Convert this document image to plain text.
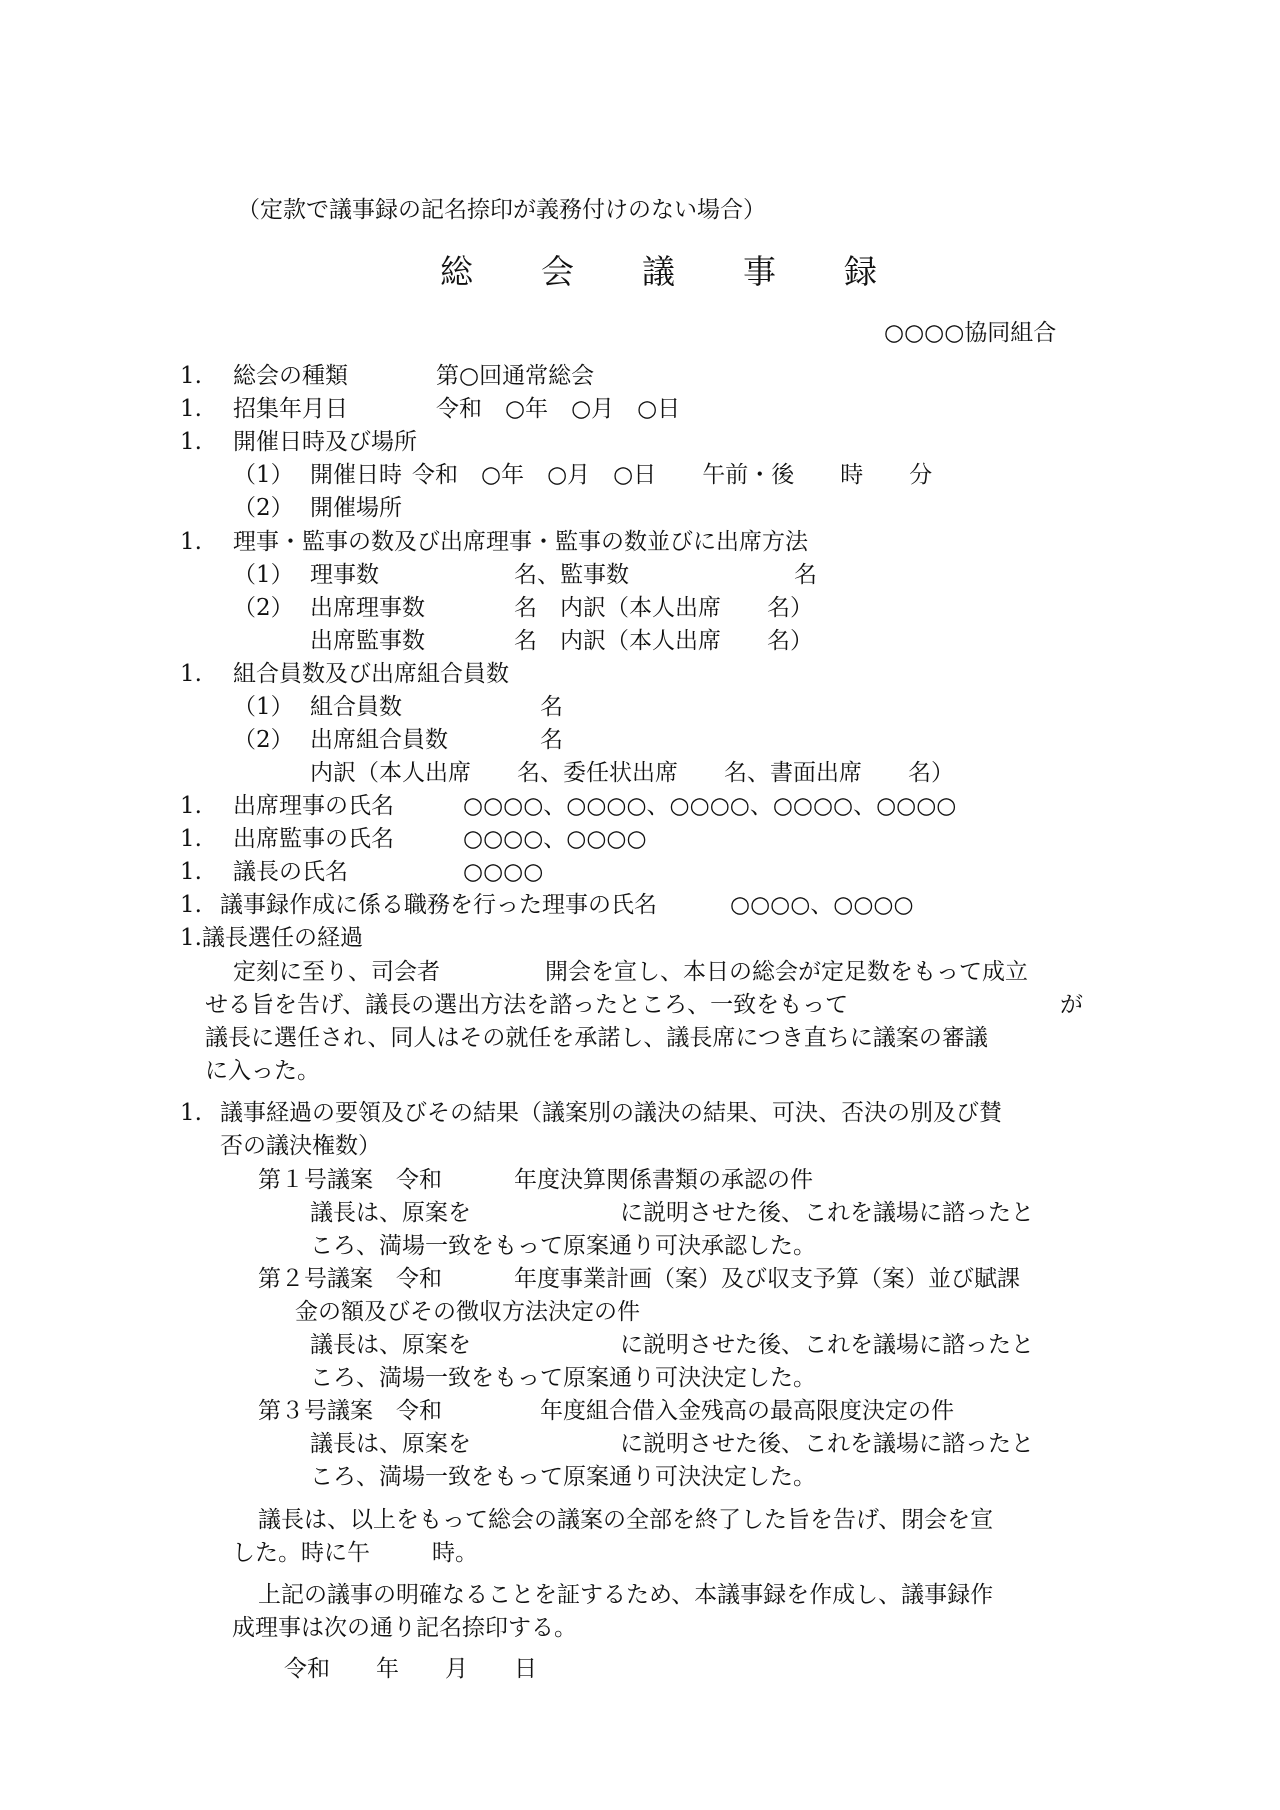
（定款で議事録の記名捺印が義務付けのない場合）
総 会 議 事 録
○○○○協同組合
1. 総会の種類	第○回通常総会
1. 招集年月日	令和　○年　○月　○日
1. 開催日時及び場所
（1） 開催日時 令和　○年　○月　○日　　午前・後　　時　　分
（2） 開催場所
1. 理事・監事の数及び出席理事・監事の数並びに出席方法
（1） 理事数	名、監事数	名
（2） 出席理事数	名　内訳（本人出席　　名）
出席監事数	名　内訳（本人出席　　名）
1. 組合員数及び出席組合員数
（1） 組合員数	名
（2） 出席組合員数	名
内訳（本人出席　　名、委任状出席　　名、書面出席　　名）
1. 出席理事の氏名	○○○○、○○○○、○○○○、○○○○、○○○○
1. 出席監事の氏名	○○○○、○○○○
1. 議長の氏名	○○○○
1. 議事録作成に係る職務を行った理事の氏名	○○○○、○○○○
1.議長選任の経過
定刻に至り、司会者	開会を宣し、本日の総会が定足数をもって成立
せる旨を告げ、議長の選出方法を諮ったところ、一致をもって	が
議長に選任され、同人はその就任を承諾し、議長席につき直ちに議案の審議
に入った。
1. 議事経過の要領及びその結果（議案別の議決の結果、可決、否決の別及び賛
否の議決権数）
第１号議案　令和	年度決算関係書類の承認の件
議長は、原案を	に説明させた後、これを議場に諮ったと
ころ、満場一致をもって原案通り可決承認した。
第２号議案　令和	年度事業計画（案）及び収支予算（案）並び賦課
金の額及びその徴収方法決定の件
議長は、原案を	に説明させた後、これを議場に諮ったと
ころ、満場一致をもって原案通り可決決定した。
第３号議案　令和	年度組合借入金残高の最高限度決定の件
議長は、原案を	に説明させた後、これを議場に諮ったと
ころ、満場一致をもって原案通り可決決定した。
議長は、以上をもって総会の議案の全部を終了した旨を告げ、閉会を宣
した。時に午	時。
上記の議事の明確なることを証するため、本議事録を作成し、議事録作
成理事は次の通り記名捺印する。
令和　　年　　月　　日
